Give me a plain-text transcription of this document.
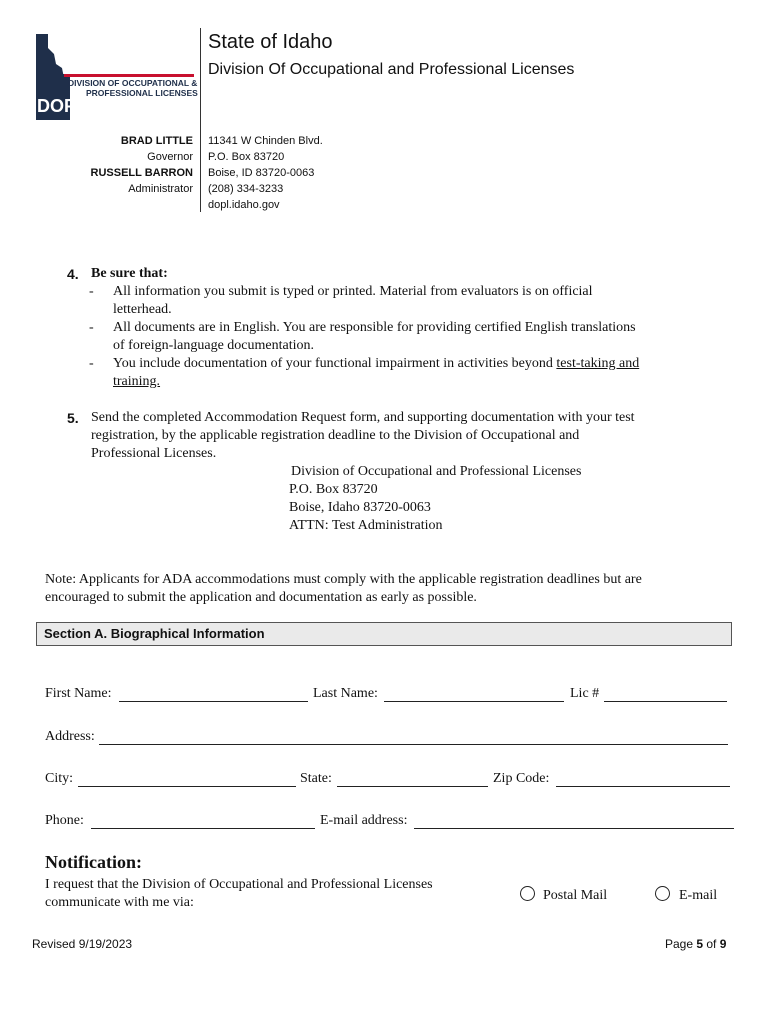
DIVISION OF OCCUPATIONAL &
PROFESSIONAL LICENSES
DOPL
State of Idaho
Division Of Occupational and Professional Licenses
BRAD LITTLE
Governor
RUSSELL BARRON
Administrator
11341 W Chinden Blvd.
P.O. Box 83720
Boise, ID 83720-0063
(208) 334-3233
dopl.idaho.gov
4. Be sure that:
- All information you submit is typed or printed. Material from evaluators is on official
letterhead.
- All documents are in English. You are responsible for providing certified English translations
of foreign-language documentation.
- You include documentation of your functional impairment in activities beyond test-taking and
training.
5. Send the completed Accommodation Request form, and supporting documentation with your test
registration, by the applicable registration deadline to the Division of Occupational and
Professional Licenses.
Division of Occupational and Professional Licenses
P.O. Box 83720
Boise, Idaho 83720-0063
ATTN: Test Administration
Note: Applicants for ADA accommodations must comply with the applicable registration deadlines but are
encouraged to submit the application and documentation as early as possible.
Section A. Biographical Information
First Name:	Last Name:	Lic #
Address:
City:	State:	Zip Code:
Phone:	E-mail address:
Notification:
I request that the Division of Occupational and Professional Licenses
communicate with me via:	Postal Mail	E-mail
Revised 9/19/2023	Page 5 of 9
